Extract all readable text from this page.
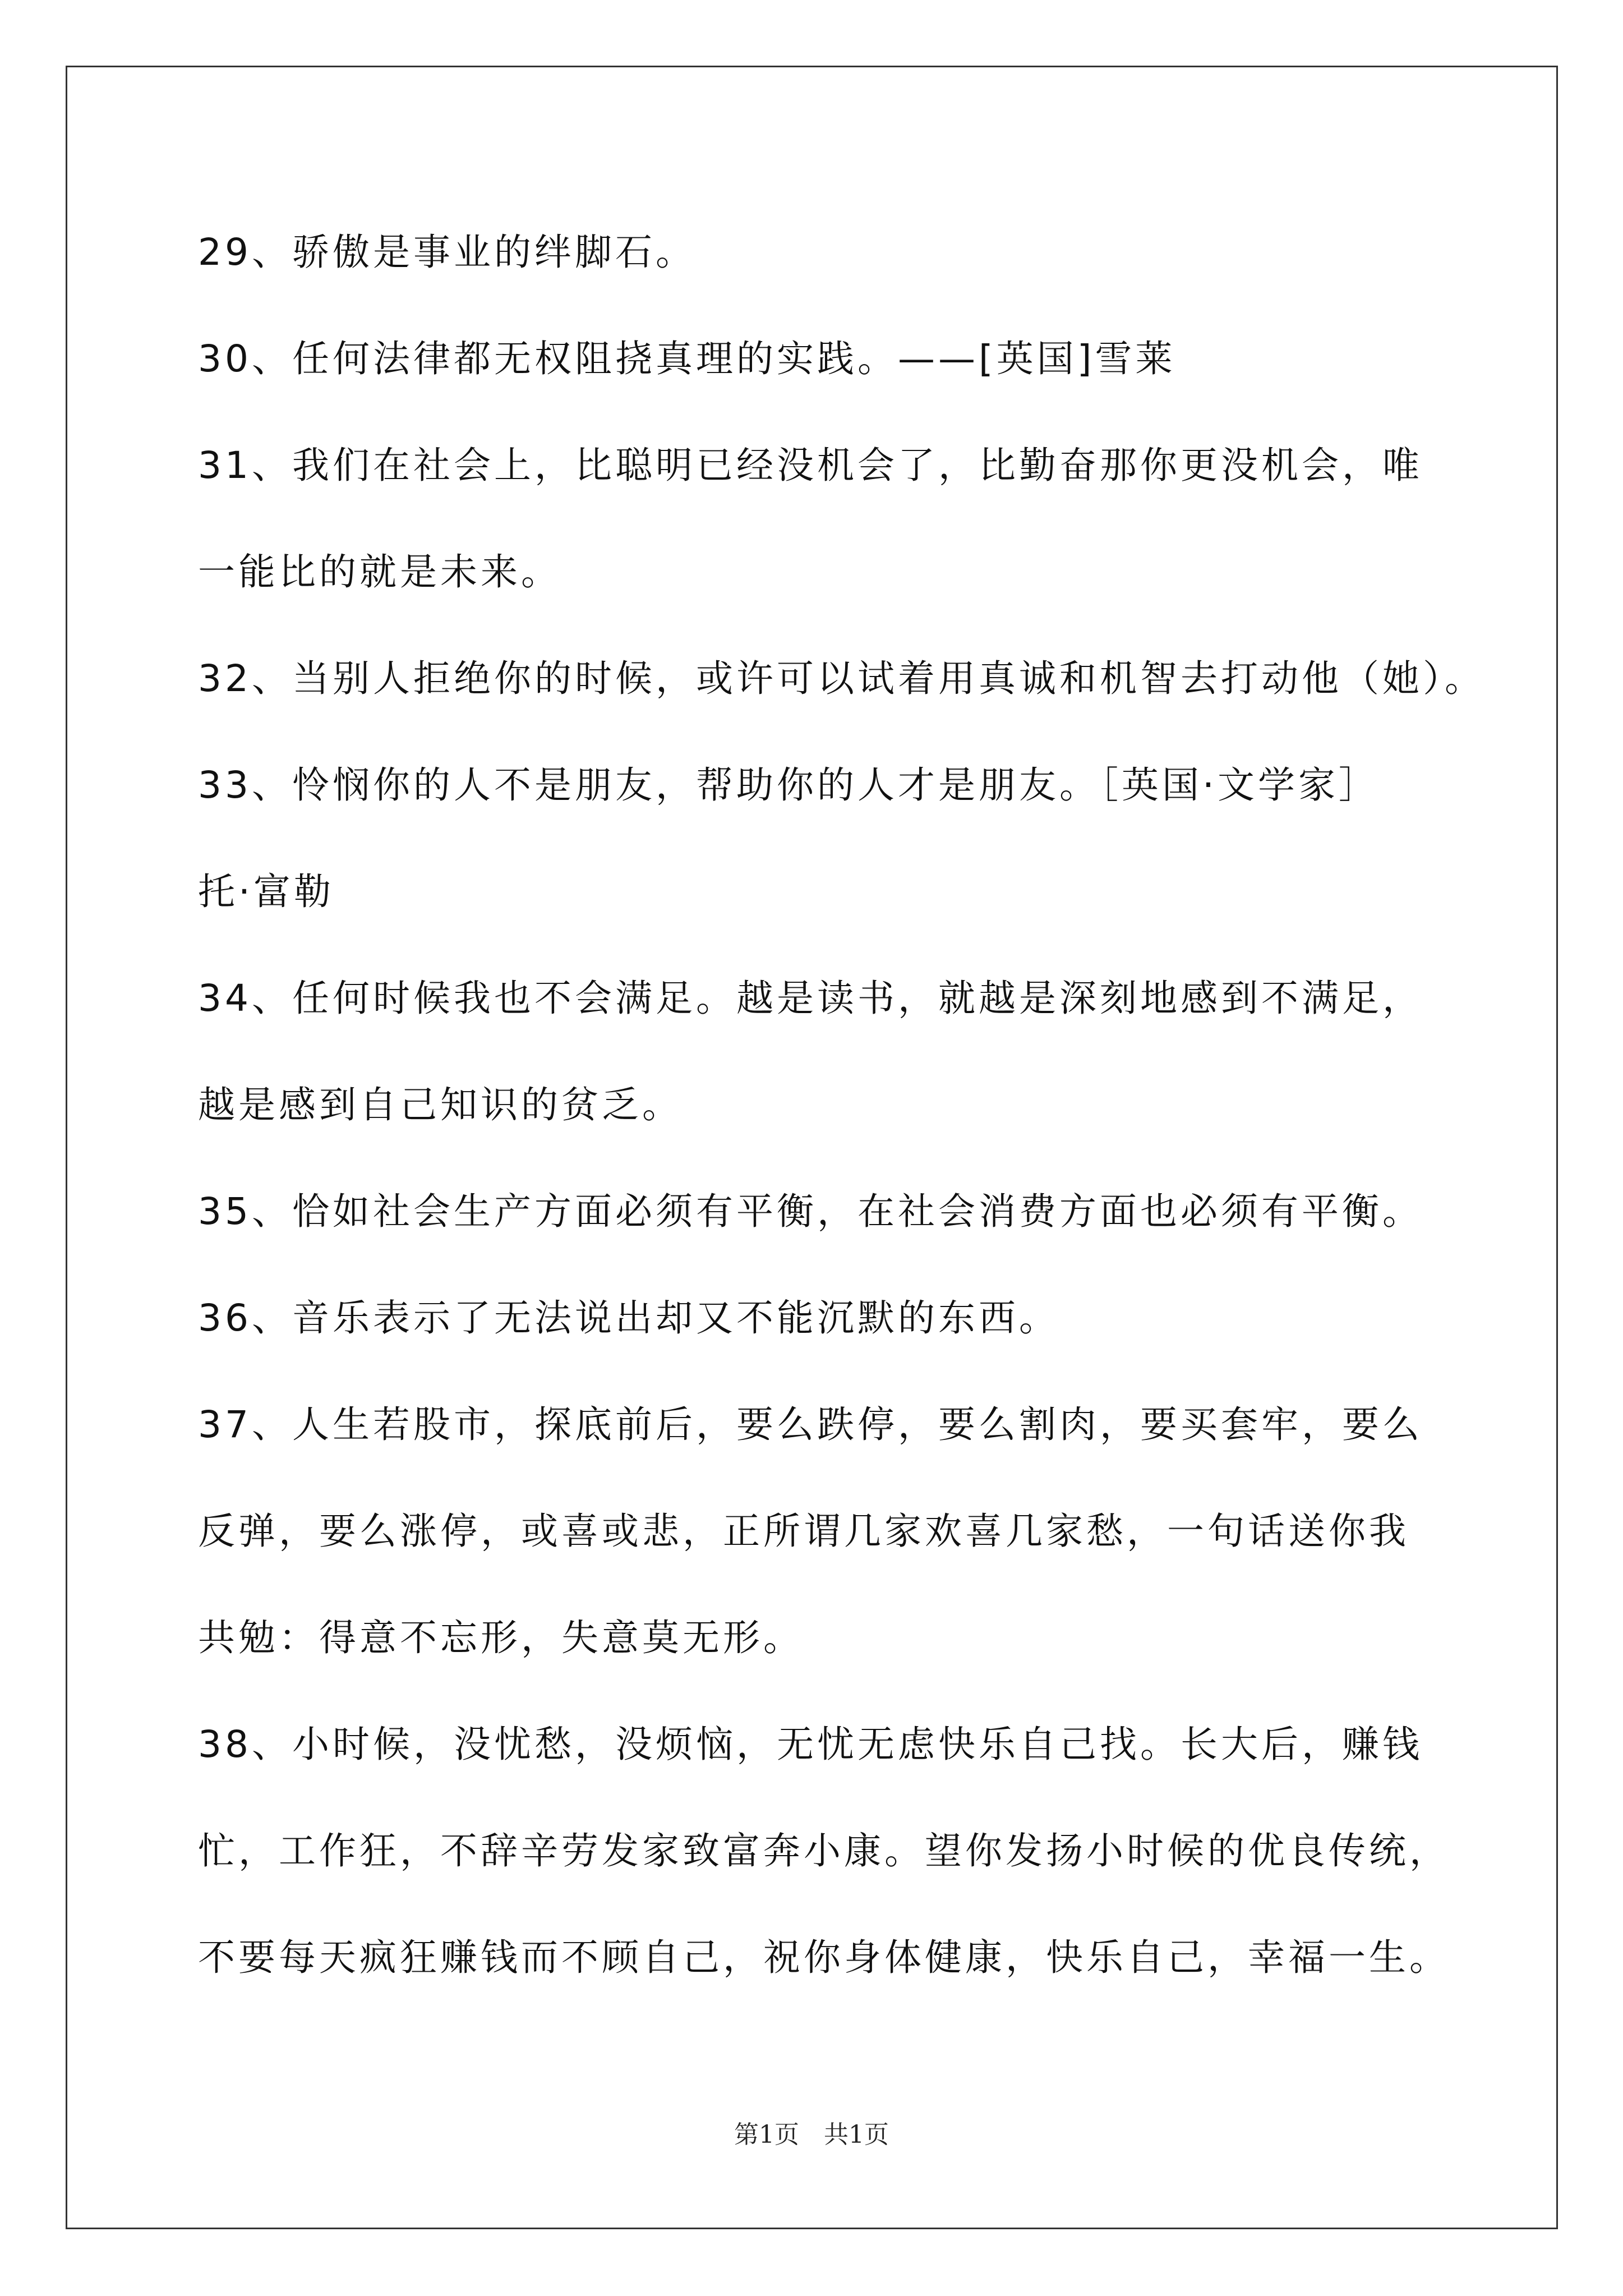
29、骄傲是事业的绊脚石。
30、任何法律都无权阻挠真理的实践。——[英国]雪莱
31、我们在社会上，比聪明已经没机会了，比勤奋那你更没机会，唯
一能比的就是未来。
32、当别人拒绝你的时候，或许可以试着用真诚和机智去打动他（她）。
33、怜悯你的人不是朋友，帮助你的人才是朋友。［英国·文学家］
托·富勒
34、任何时候我也不会满足。越是读书，就越是深刻地感到不满足，
越是感到自己知识的贫乏。
35、恰如社会生产方面必须有平衡，在社会消费方面也必须有平衡。
36、音乐表示了无法说出却又不能沉默的东西。
37、人生若股市，探底前后，要么跌停，要么割肉，要买套牢，要么
反弹，要么涨停，或喜或悲，正所谓几家欢喜几家愁，一句话送你我
共勉：得意不忘形，失意莫无形。
38、小时候，没忧愁，没烦恼，无忧无虑快乐自己找。长大后，赚钱
忙，工作狂，不辞辛劳发家致富奔小康。望你发扬小时候的优良传统，
不要每天疯狂赚钱而不顾自己，祝你身体健康，快乐自己，幸福一生。
第1页　共1页
